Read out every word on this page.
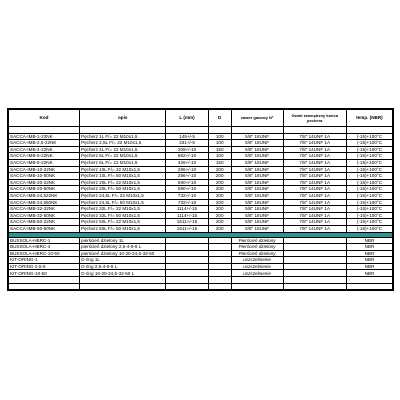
Kod	opis	L (mm)	D	zawór gazowy Nº	Gwint zewnętrzny końca pechera	temp. (NBR)

SACCA-IMB-1-22NK	Pęcherz 1L F/= 22 M10x1,5	149+/-5	100	5/8" 18UNF	7/8" 14UNF 1A	(-15)+100°C
SACCA-IMB-2,5-22NK	Pęcherz 2,5L F/= 22 M10x1,5	331+/-5	100	5/8" 18UNF	7/8" 14UNF 1A	(-15)+100°C
SACCA-IMB-4-22NK	Pęcherz 4L F/= 22 M10x1,5	209+/-10	150	5/8" 18UNF	7/8" 14UNF 1A	(-15)+100°C
SACCA-IMB-5-22NK	Pęcherz 5L F/= 22 M10x1,5	682+/-10	100	5/8" 18UNF	7/8" 14UNF 1A	(-15)+100°C
SACCA-IMB-6-22NK	Pęcherz 6L F/= 22 M10x1,5	426+/-10	150	5/8" 18UNF	7/8" 14UNF 1A	(-15)+100°C
SACCA-IMB-10-22NK	Pęcherz 10L F/= 22 M10x1,5	286+/-10	200	5/8" 18UNF	7/8" 14UNF 1A	(-15)+100°C
SACCA-IMB-10-50NK	Pęcherz 10L F/= 50 M10x1,5	286+/-10	200	5/8" 18UNF	7/8" 14UNF 1A	(-15)+100°C
SACCA-IMB-20-22NK	Pęcherz 20L F/= 22 M10x1,5	590+/-10	200	5/8" 18UNF	7/8" 14UNF 1A	(-15)+100°C
SACCA-IMB-20-50NK	Pęcherz 20L F/= 50 M10x1,5	590+/-10	200	5/8" 18UNF	7/8" 14UNF 1A	(-15)+100°C
SACCA-IMB-24,522NK	Pęcherz 24,5L F/= 22 M10x1,5	732+/-10	200	5/8" 18UNF	7/8" 14UNF 1A	(-15)+100°C
SACCA-IMB-24,550NK	Pęcherz 24,5L F/= 50 M10x1,5	732+/-10	200	5/8" 18UNF	7/8" 14UNF 1A	(-15)+100°C
SACCA-IMB-32-22NK	Pęcherz 32L F/= 22 M10x1,5	1114+/-15	200	5/8" 18UNF	7/8" 14UNF 1A	(-15)+100°C
SACCA-IMB-32-50NK	Pęcherz 32L F/= 50 M10x1,5	1114+/-15	200	5/8" 18UNF	7/8" 14UNF 1A	(-15)+100°C
SACCA-IMB-50-22NK	Pęcherz 50L F/= 22 M10x1,5	1611+/-15	200	5/8" 18UNF	7/8" 14UNF 1A	(-15)+100°C
SACCA-IMB-50-50NK	Pęcherz 50L F/= 50 M10x1,5	1611+/-15	200	5/8" 18UNF	7/8" 14UNF 1A	(-15)+100°C

BUSSOLA-HBRC-1	pierścień dzielony 1L			Pierścień dzielony		NBR
BUSSOLA-HBRC-4	pierścień dzielony 2,5-4-5-6 L			Pierścień dzielony		NBR
BUSSOLA-HBRC-10-50	pierścień dzielony 10-20-24,5-32-50			Pierścień dzielony		NBR
KIT-ORING-1	O ring 1L			uszczelnienie		NBR
KIT-ORING-2,5-6	O ring 2,5-4-5-6 L			uszczelnienie		NBR
KIT-ORING-10-50	O ring 10-20-24,5-32-50 L			uszczelnienie		NBR
